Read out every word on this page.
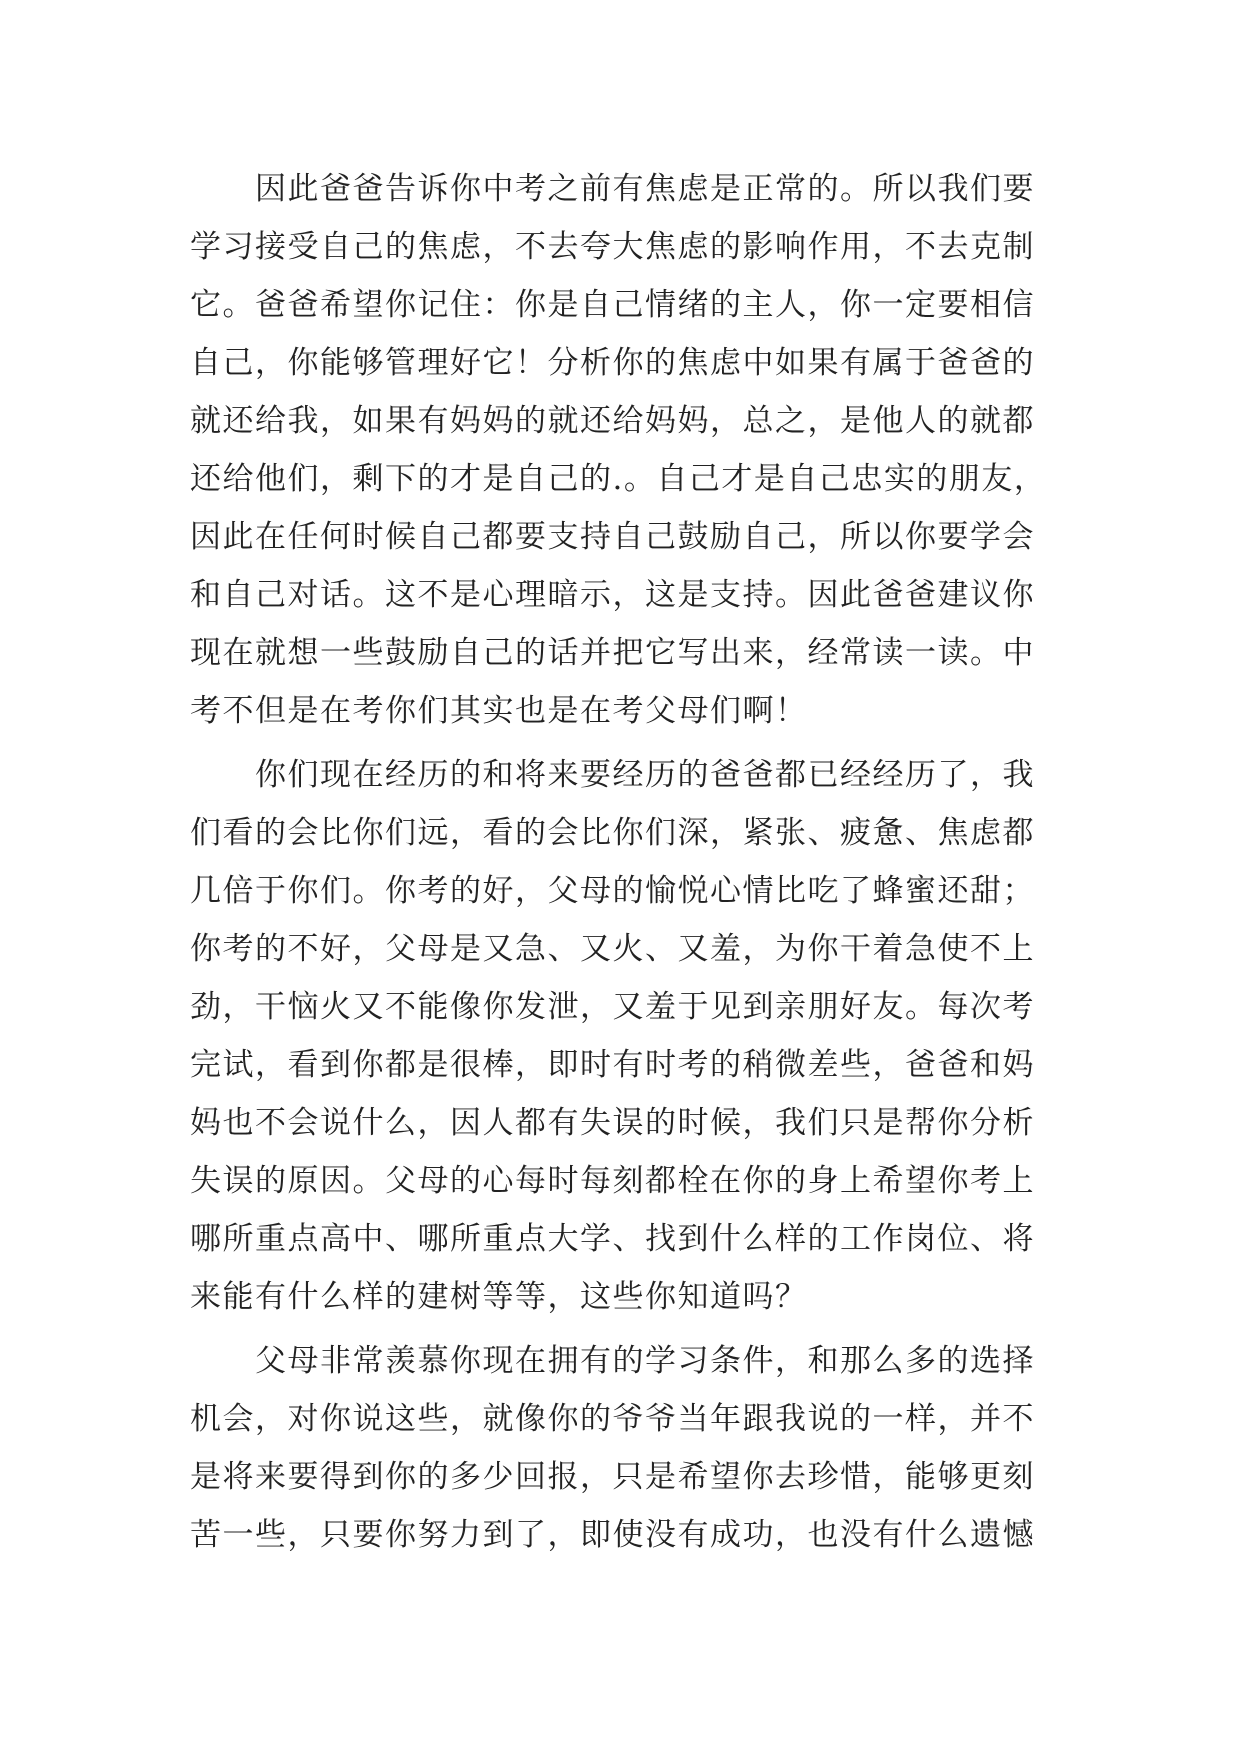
　　因此爸爸告诉你中考之前有焦虑是正常的。所以我们要
学习接受自己的焦虑，不去夸大焦虑的影响作用，不去克制
它。爸爸希望你记住：你是自己情绪的主人，你一定要相信
自己，你能够管理好它！分析你的焦虑中如果有属于爸爸的
就还给我，如果有妈妈的就还给妈妈，总之，是他人的就都
还给他们，剩下的才是自己的.。自己才是自己忠实的朋友，
因此在任何时候自己都要支持自己鼓励自己，所以你要学会
和自己对话。这不是心理暗示，这是支持。因此爸爸建议你
现在就想一些鼓励自己的话并把它写出来，经常读一读。中
考不但是在考你们其实也是在考父母们啊！
　　你们现在经历的和将来要经历的爸爸都已经经历了，我
们看的会比你们远，看的会比你们深，紧张、疲惫、焦虑都
几倍于你们。你考的好，父母的愉悦心情比吃了蜂蜜还甜；
你考的不好，父母是又急、又火、又羞，为你干着急使不上
劲，干恼火又不能像你发泄，又羞于见到亲朋好友。每次考
完试，看到你都是很棒，即时有时考的稍微差些，爸爸和妈
妈也不会说什么，因人都有失误的时候，我们只是帮你分析
失误的原因。父母的心每时每刻都栓在你的身上希望你考上
哪所重点高中、哪所重点大学、找到什么样的工作岗位、将
来能有什么样的建树等等，这些你知道吗？
　　父母非常羡慕你现在拥有的学习条件，和那么多的选择
机会，对你说这些，就像你的爷爷当年跟我说的一样，并不
是将来要得到你的多少回报，只是希望你去珍惜，能够更刻
苦一些，只要你努力到了，即使没有成功，也没有什么遗憾
